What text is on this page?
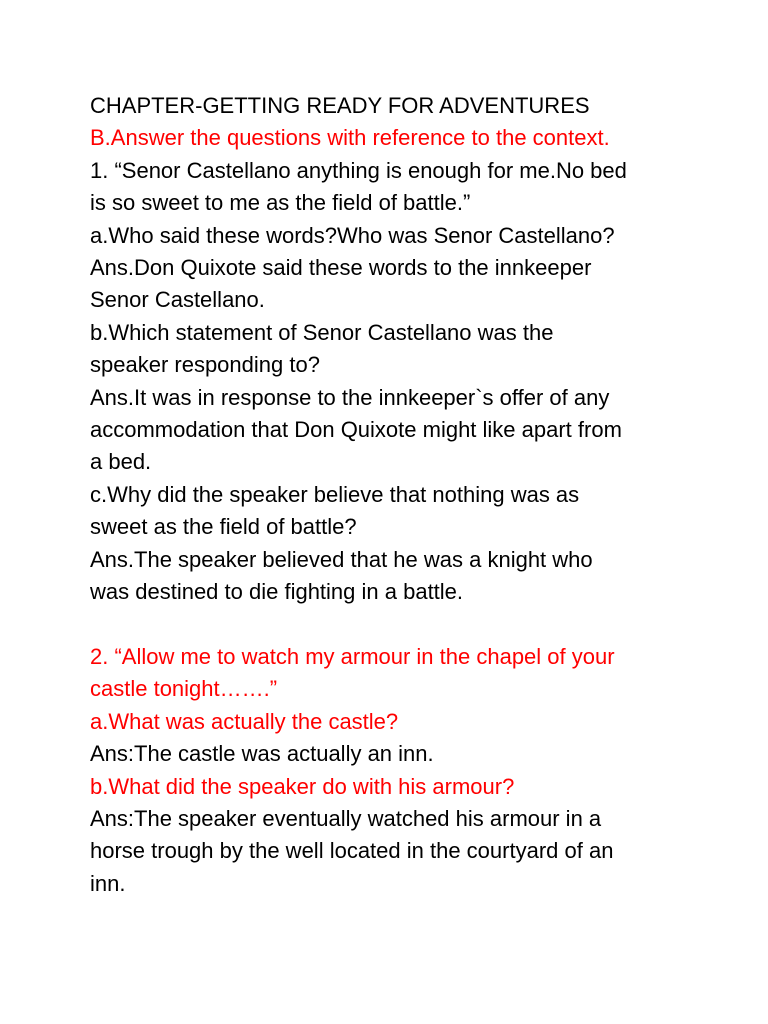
CHAPTER-GETTING READY FOR ADVENTURES
B.Answer the questions with reference to the context.
1. “Senor Castellano anything is enough for me.No bed
is so sweet to me as the field of battle.”
a.Who said these words?Who was Senor Castellano?
Ans.Don Quixote said these words to the innkeeper
Senor Castellano.
b.Which statement of Senor Castellano was the
speaker responding to?
Ans.It was in response to the innkeeper`s offer of any
accommodation that Don Quixote might like apart from
a bed.
c.Why did the speaker believe that nothing was as
sweet as the field of battle?
Ans.The speaker believed that he was a knight who
was destined to die fighting in a battle.
2. “Allow me to watch my armour in the chapel of your
castle tonight…….”
a.What was actually the castle?
Ans:The castle was actually an inn.
b.What did the speaker do with his armour?
Ans:The speaker eventually watched his armour in a
horse trough by the well located in the courtyard of an
inn.
